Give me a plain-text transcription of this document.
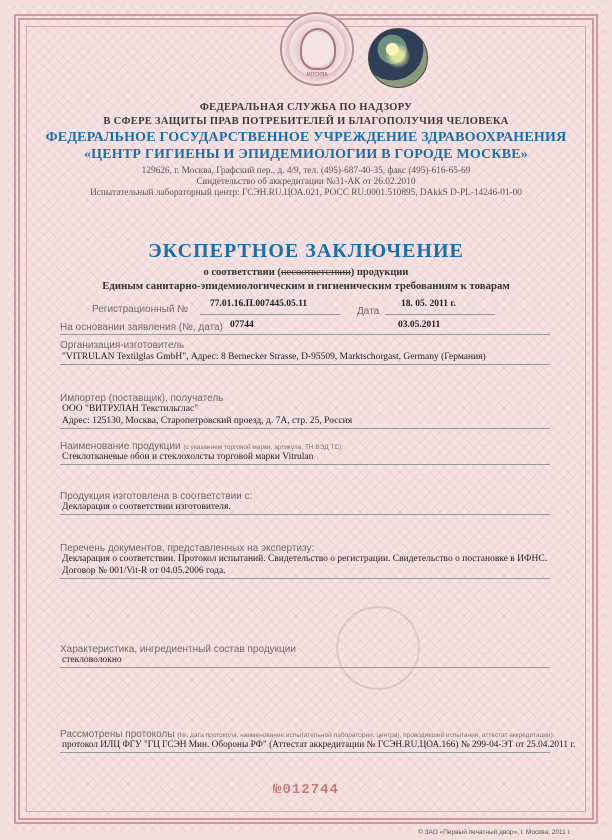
МОСКВА
ФЕДЕРАЛЬНАЯ СЛУЖБА ПО НАДЗОРУ
В СФЕРЕ ЗАЩИТЫ ПРАВ ПОТРЕБИТЕЛЕЙ И БЛАГОПОЛУЧИЯ ЧЕЛОВЕКА
ФЕДЕРАЛЬНОЕ ГОСУДАРСТВЕННОЕ УЧРЕЖДЕНИЕ ЗДРАВООХРАНЕНИЯ
«ЦЕНТР ГИГИЕНЫ И ЭПИДЕМИОЛОГИИ В ГОРОДЕ МОСКВЕ»
129626, г. Москва, Графский пер., д. 4/9, тел. (495)-687-40-35, факс (495)-616-65-69
Свидетельство об аккредитации №31-АК от 26.02.2010
Испытательный лабораторный центр: ГСЭН.RU.ЦОА.021, РОСС RU.0001.510895, DAkkS D-PL-14246-01-00
ЭКСПЕРТНОЕ ЗАКЛЮЧЕНИЕ
о соответствии (несоответствии) продукции
Единым санитарно-эпидемиологическим и гигиеническим требованиям к товарам
Регистрационный № 77.01.16.П.007445.05.11
Дата
18. 05. 2011 г.
На основании заявления (№, дата) 07744	03.05.2011
Организация-изготовитель
"VITRULAN Textilglas GmbH", Адрес: 8 Bernecker Strasse, D-95509, Marktschorgast, Germany (Германия)
Импортер (поставщик), получатель
ООО "ВИТРУЛАН Текстильглас"
Адрес: 125130, Москва, Старопетровский проезд, д. 7А, стр. 25, Россия
Наименование продукции (с указанием торговой марки, артикула, ТН ВЭД ТС):
Стеклотканевые обои и стеклохолсты торговой марки Vitrulan
Продукция изготовлена в соответствии с:
Декларация о соответствии изготовителя.
Перечень документов, представленных на экспертизу:
Декларация о соответствии. Протокол испытаний. Свидетельство о регистрации. Свидетельство о постановке в ИФНС. Договор № 001/Vit-R от 04.05.2006 года.
Характеристика, ингредиентный состав продукции
стекловолокно
Рассмотрены протоколы (№, дата протокола, наименование испытательной лаборатории, центра), проводившей испытания, аттестат аккредитации):
протокол ИЛЦ ФГУ "ГЦ ГСЭН Мин. Обороны РФ" (Аттестат аккредитации № ГСЭН.RU.ЦОА.166) № 299-04-ЭТ от 25.04.2011 г.
№012744
© ЗАО «Первый печатный двор», г. Москва, 2011 г.
